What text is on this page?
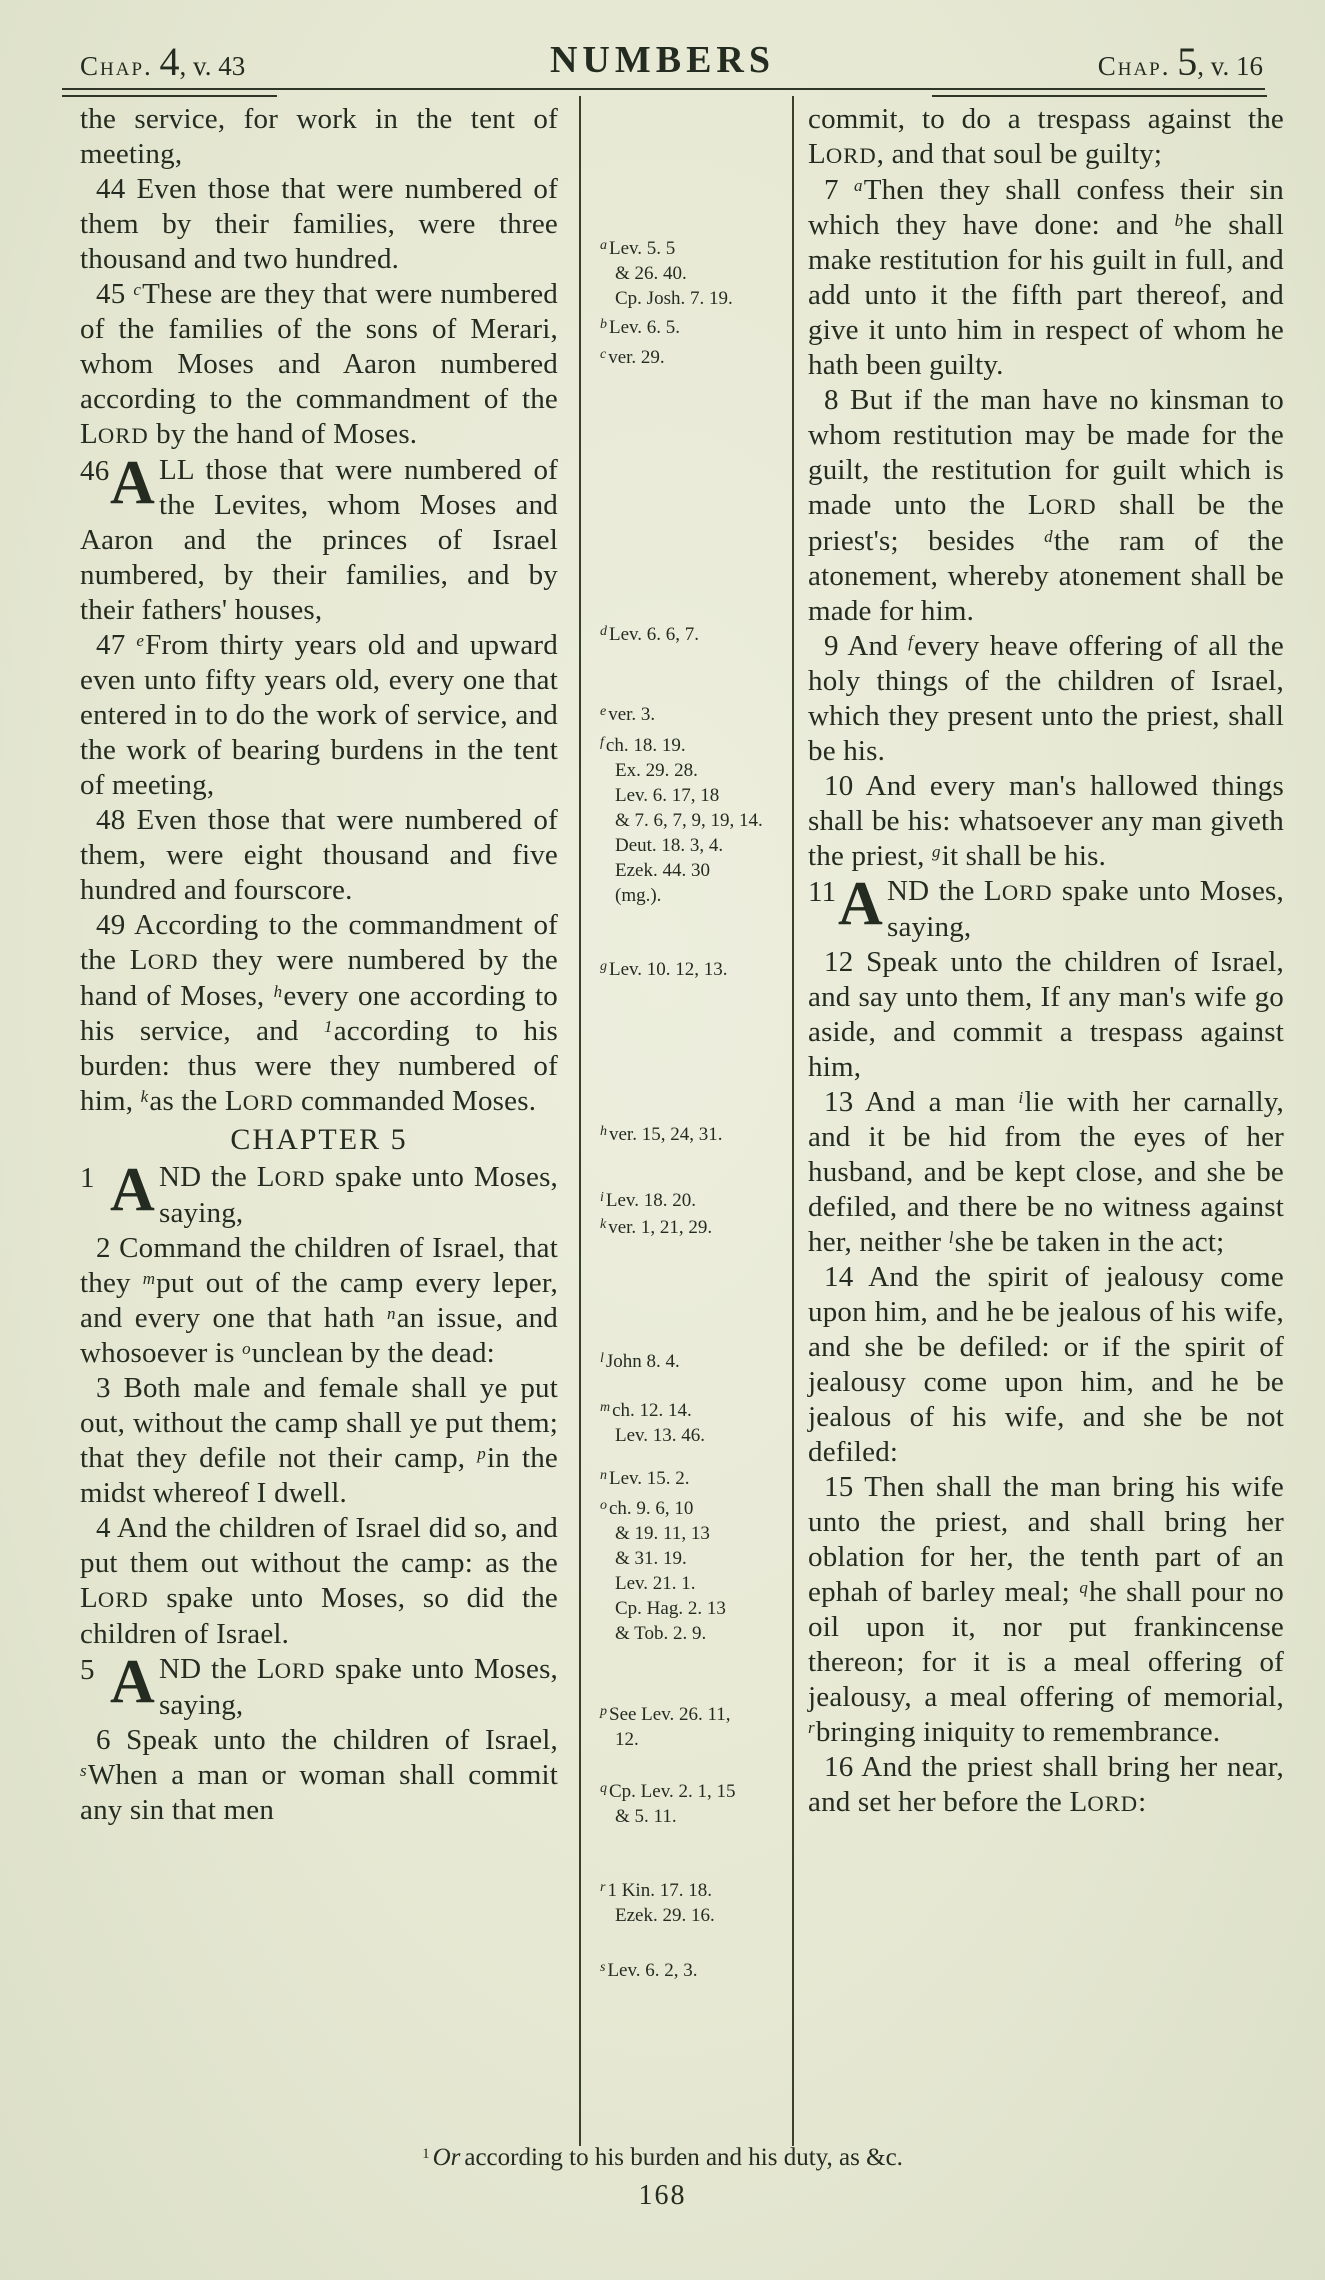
Chap. 4, v. 43	NUMBERS	Chap. 5, v. 16

the service, for work in the tent of meeting,

44 Even those that were numbered of them by their families, were three thousand and two hundred.

45 $^c$These are they that were numbered of the families of the sons of Merari, whom Moses and Aaron numbered according to the commandment of the LORD by the hand of Moses.

46 A LL those that were numbered of the Levites, whom Moses and Aaron and the princes of Israel numbered, by their families, and by their fathers' houses,

47 $^e$From thirty years old and upward even unto fifty years old, every one that entered in to do the work of service, and the work of bearing burdens in the tent of meeting,

48 Even those that were numbered of them, were eight thousand and five hundred and fourscore.

49 According to the commandment of the LORD they were numbered by the hand of Moses, $^h$every one according to his service, and $^1$according to his burden: thus were they numbered of him, $^k$as the LORD commanded Moses.

CHAPTER 5

1 A ND the LORD spake unto Moses, saying,

2 Command the children of Israel, that they $^m$put out of the camp every leper, and every one that hath $^n$an issue, and whosoever is $^o$unclean by the dead:

3 Both male and female shall ye put out, without the camp shall ye put them; that they defile not their camp, $^p$in the midst whereof I dwell.

4 And the children of Israel did so, and put them out without the camp: as the LORD spake unto Moses, so did the children of Israel.

5 A ND the LORD spake unto Moses, saying,

6 Speak unto the children of Israel, $^s$When a man or woman shall commit any sin that men

$^a$ Lev. 5. 5
& 26. 40.
Cp. Josh. 7. 19.
$^b$ Lev. 6. 5.
$^c$ ver. 29.
$^d$ Lev. 6. 6, 7.
$^e$ ver. 3.
$^f$ ch. 18. 19.
Ex. 29. 28.
Lev. 6. 17, 18
& 7. 6, 7, 9, 19, 14.
Deut. 18. 3, 4.
Ezek. 44. 30
(mg.).
$^g$ Lev. 10. 12, 13.
$^h$ ver. 15, 24, 31.
$^i$ Lev. 18. 20.
$^k$ ver. 1, 21, 29.
$^l$ John 8. 4.
$^m$ ch. 12. 14.
Lev. 13. 46.
$^n$ Lev. 15. 2.
$^o$ ch. 9. 6, 10
& 19. 11, 13
& 31. 19.
Lev. 21. 1.
Cp. Hag. 2. 13
& Tob. 2. 9.
$^p$ See Lev. 26. 11,
12.
$^q$ Cp. Lev. 2. 1, 15
& 5. 11.
$^r$ 1 Kin. 17. 18.
Ezek. 29. 16.
$^s$ Lev. 6. 2, 3.

commit, to do a trespass against the LORD, and that soul be guilty;

7 $^a$Then they shall confess their sin which they have done: and $^b$he shall make restitution for his guilt in full, and add unto it the fifth part thereof, and give it unto him in respect of whom he hath been guilty.

8 But if the man have no kinsman to whom restitution may be made for the guilt, the restitution for guilt which is made unto the LORD shall be the priest's; besides $^d$the ram of the atonement, whereby atonement shall be made for him.

9 And $^f$every heave offering of all the holy things of the children of Israel, which they present unto the priest, shall be his.

10 And every man's hallowed things shall be his: whatsoever any man giveth the priest, $^g$it shall be his.

11 A ND the LORD spake unto Moses, saying,

12 Speak unto the children of Israel, and say unto them, If any man's wife go aside, and commit a trespass against him,

13 And a man $^i$lie with her carnally, and it be hid from the eyes of her husband, and be kept close, and she be defiled, and there be no witness against her, neither $^l$she be taken in the act;

14 And the spirit of jealousy come upon him, and he be jealous of his wife, and she be defiled: or if the spirit of jealousy come upon him, and he be jealous of his wife, and she be not defiled:

15 Then shall the man bring his wife unto the priest, and shall bring her oblation for her, the tenth part of an ephah of barley meal; $^q$he shall pour no oil upon it, nor put frankincense thereon; for it is a meal offering of jealousy, a meal offering of memorial, $^r$bringing iniquity to remembrance.

16 And the priest shall bring her near, and set her before the LORD:

$^1$ Or according to his burden and his duty, as &c.
168
